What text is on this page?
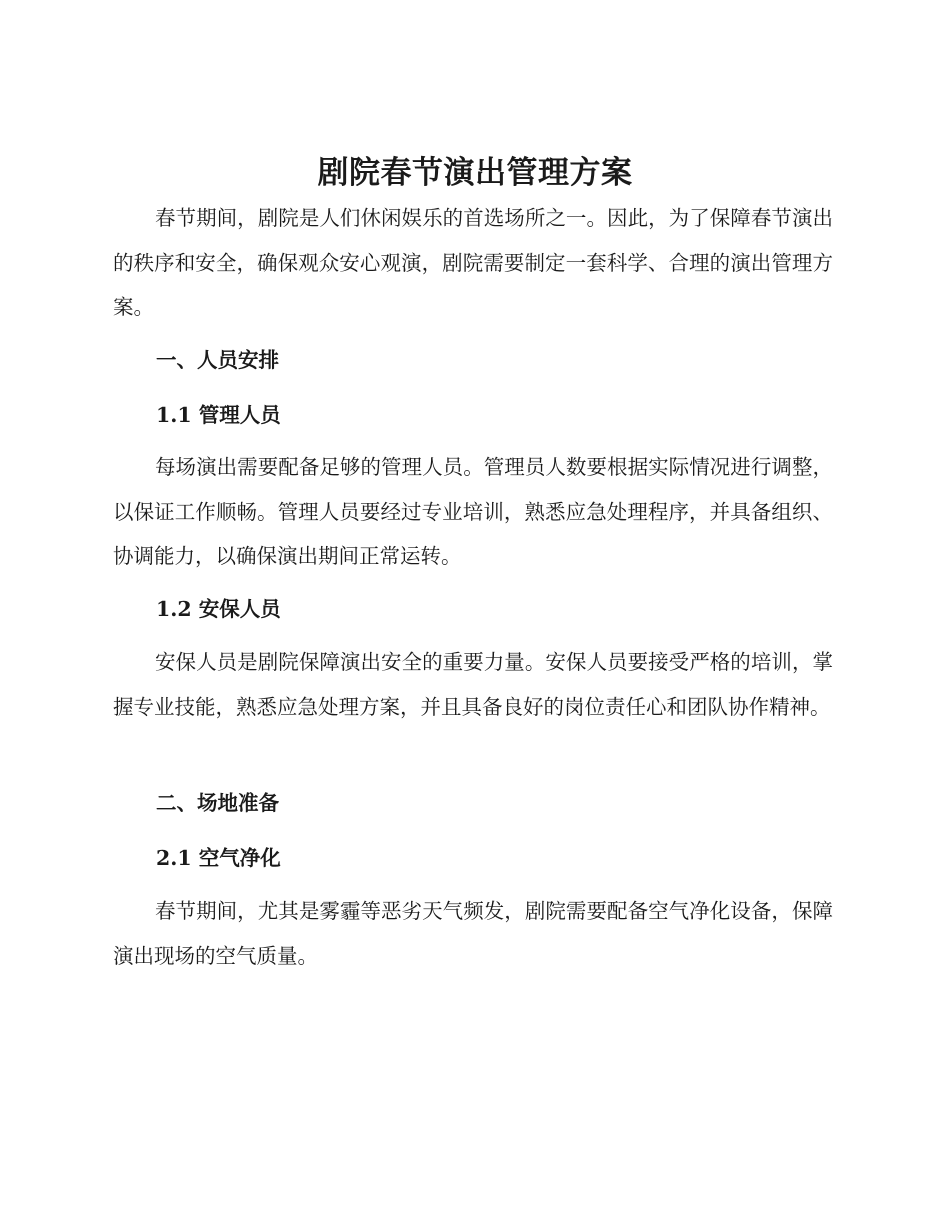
剧院春节演出管理方案

春节期间，剧院是人们休闲娱乐的首选场所之一。因此，为了保障春节演出的秩序和安全，确保观众安心观演，剧院需要制定一套科学、合理的演出管理方案。

一、人员安排
1.1 管理人员

每场演出需要配备足够的管理人员。管理员人数要根据实际情况进行调整，以保证工作顺畅。管理人员要经过专业培训，熟悉应急处理程序，并具备组织、协调能力，以确保演出期间正常运转。

1.2 安保人员

安保人员是剧院保障演出安全的重要力量。安保人员要接受严格的培训，掌握专业技能，熟悉应急处理方案，并且具备良好的岗位责任心和团队协作精神。

二、场地准备
2.1 空气净化

春节期间，尤其是雾霾等恶劣天气频发，剧院需要配备空气净化设备，保障演出现场的空气质量。
